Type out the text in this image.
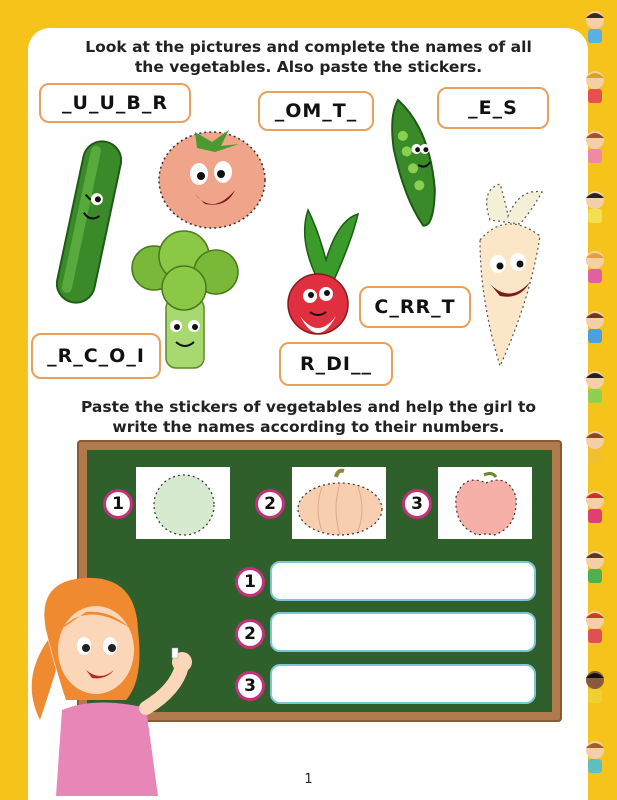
Look at the pictures and complete the names of all
the vegetables. Also paste the stickers.
_U_U_B_R	_OM_T_	_E_S
C_RR_T
_R_C_O_I	R_DI__
Paste the stickers of vegetables and help the girl to
write the names according to their numbers.
1	2	3
1
2
3
1
